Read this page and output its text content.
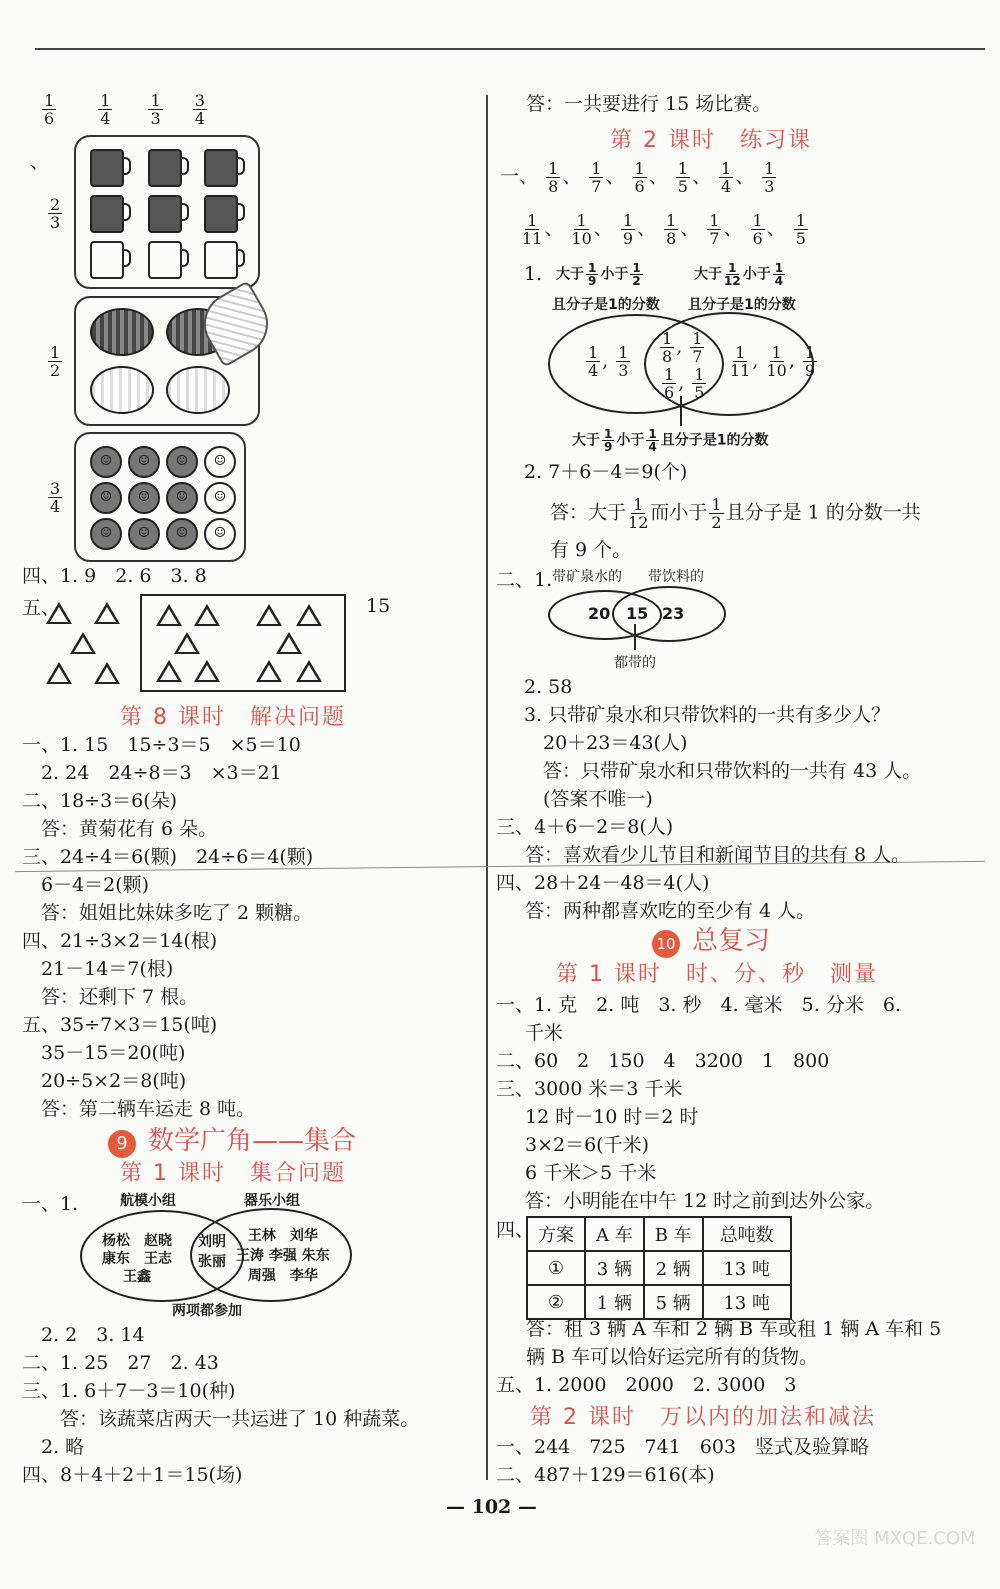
$\frac{1}{6}$
	$\frac{1}{4}$
$\frac{1}{3}$
$\frac{3}{4}$
、
$\frac{2}{3}$
$\frac{1}{2}$
$\frac{3}{4}$
☺	☺	☺	☺
☺	☺	☺	☺
☺	☺	☺	☺
四、1. 9　2. 6　3. 8
五、	15
第 8 课时　解决问题
一、1. 15　15÷3＝5　×5＝10
　2. 24　24÷8＝3　×3＝21
二、18÷3＝6(朵)
　答：黄菊花有 6 朵。
三、24÷4＝6(颗)　24÷6＝4(颗)
　6－4＝2(颗)
　答：姐姐比妹妹多吃了 2 颗糖。
四、21÷3×2＝14(根)
　21－14＝7(根)
　答：还剩下 7 根。
五、35÷7×3＝15(吨)
　35－15＝20(吨)
　20÷5×2＝8(吨)
　答：第二辆车运走 8 吨。
9 数学广角——集合
第 1 课时　集合问题
一、1.	航模小组	器乐小组
杨松　赵晓
康东　王志
王鑫
刘明
张丽
王林　刘华
王涛 李强 朱东
周强　李华
两项都参加
　2. 2　3. 14
二、1. 25　27　2. 43
三、1. 6＋7－3＝10(种)
　　答：该蔬菜店两天一共运进了 10 种蔬菜。
　2. 略
四、8＋4＋2＋1＝15(场)
答：一共要进行 15 场比赛。
第 2 课时　练习课
一、 $\frac{1}{8}$ 、 $\frac{1}{7}$ 、 $\frac{1}{6}$ 、 $\frac{1}{5}$ 、 $\frac{1}{4}$ 、 $\frac{1}{3}$
$\frac{1}{11}$ 、 $\frac{1}{10}$ 、 $\frac{1}{9}$ 、 $\frac{1}{8}$ 、 $\frac{1}{7}$ 、 $\frac{1}{6}$ 、 $\frac{1}{5}$
1. 大于 $\frac{1}{9}$ 小于 $\frac{1}{2}$	大于 $\frac{1}{12}$ 小于 $\frac{1}{4}$
且分子是1的分数 且分子是1的分数
$\frac{1}{4}$ , $\frac{1}{3} \frac{1}{8}$ , $\frac{1}{7}$
$\frac{1}{6}$ , $\frac{1}{5}$
$\frac{1}{11}$ , $\frac{1}{10}$ , $\frac{1}{9}$
大于 $\frac{1}{9}$ 小于 $\frac{1}{4}$ 且分子是1的分数
2. 7＋6－4＝9(个)
答：大于 $\frac{1}{12}$ 而小于 $\frac{1}{2}$ 且分子是 1 的分数一共
有 9 个。
二、1. 带矿泉水的 带饮料的
20 15 23
都带的
2. 58
3. 只带矿泉水和只带饮料的一共有多少人？
　20＋23＝43(人)
　答：只带矿泉水和只带饮料的一共有 43 人。
　(答案不唯一)
三、4＋6－2＝8(人)
　答：喜欢看少儿节目和新闻节目的共有 8 人。
四、28＋24－48＝4(人)
　答：两种都喜欢吃的至少有 4 人。
10 总复习
第 1 课时　时、分、秒　测量
一、1. 克　2. 吨　3. 秒　4. 毫米　5. 分米　6.
　千米
二、60　2　150　4　3200　1　800
三、3000 米＝3 千米
　12 时－10 时＝2 时
　3×2＝6(千米)
　6 千米＞5 千米
　答：小明能在中午 12 时之前到达外公家。
四、 方案	A 车	B 车	总吨数
①	3 辆	2 辆	13 吨
②	1 辆	5 辆	13 吨
答：租 3 辆 A 车和 2 辆 B 车或租 1 辆 A 车和 5
辆 B 车可以恰好运完所有的货物。
五、1. 2000　2000　2. 3000　3
第 2 课时　万以内的加法和减法
一、244　725　741　603　竖式及验算略
二、487＋129＝616(本)
— 102 —
答案圈 MXQE.COM
